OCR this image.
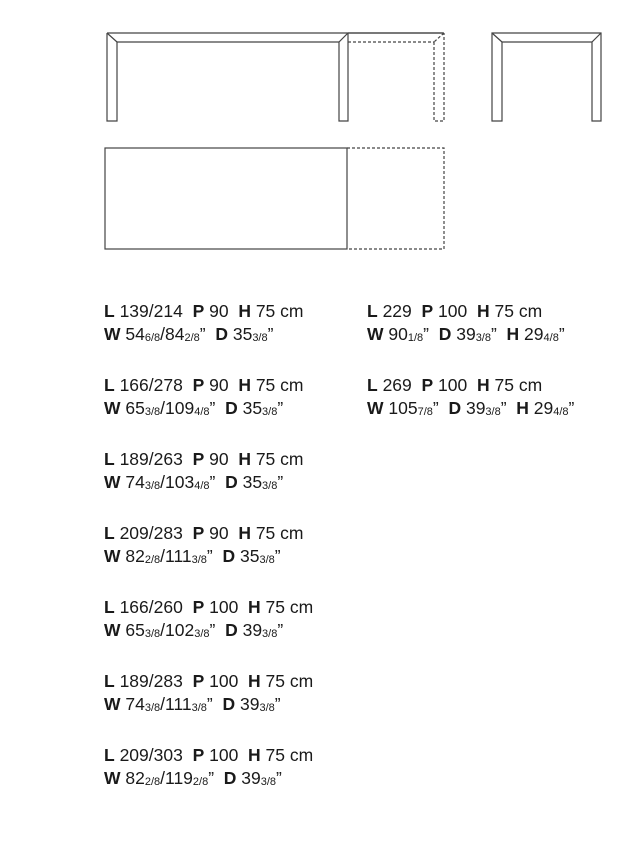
L 139/214  P 90  H 75 cm
W 546/8/842/8”  D 353/8”
L 166/278  P 90  H 75 cm
W 653/8/1094/8”  D 353/8”
L 189/263  P 90  H 75 cm
W 743/8/1034/8”  D 353/8”
L 209/283  P 90  H 75 cm
W 822/8/1113/8”  D 353/8”
L 166/260  P 100  H 75 cm
W 653/8/1023/8”  D 393/8”
L 189/283  P 100  H 75 cm
W 743/8/1113/8”  D 393/8”
L 209/303  P 100  H 75 cm
W 822/8/1192/8”  D 393/8”
L 229  P 100  H 75 cm
W 901/8”  D 393/8”  H 294/8”
L 269  P 100  H 75 cm
W 1057/8”  D 393/8”  H 294/8”
